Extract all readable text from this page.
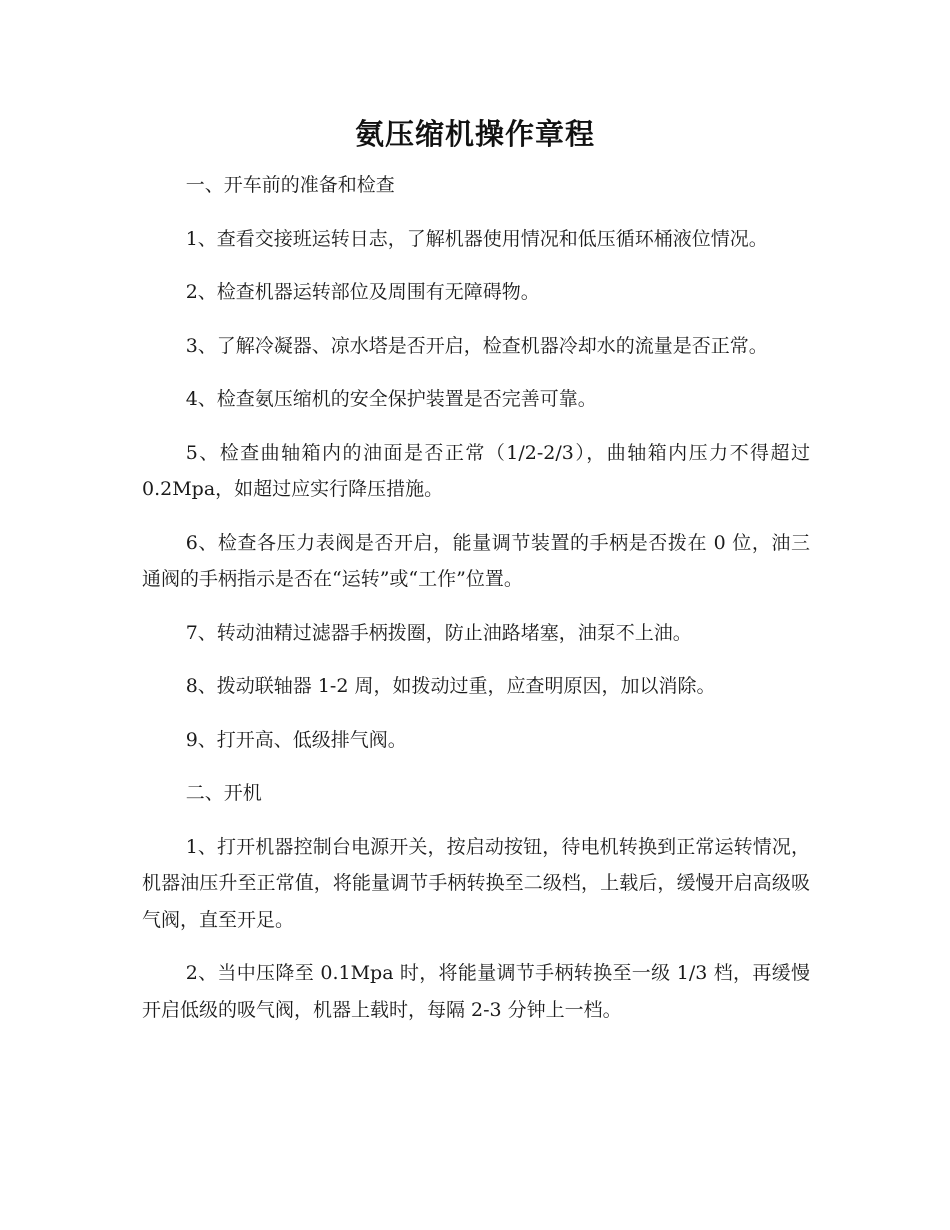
氨压缩机操作章程

一、开车前的准备和检查

1、查看交接班运转日志，了解机器使用情况和低压循环桶液位情况。

2、检查机器运转部位及周围有无障碍物。

3、了解冷凝器、凉水塔是否开启，检查机器冷却水的流量是否正常。

4、检查氨压缩机的安全保护装置是否完善可靠。

5、检查曲轴箱内的油面是否正常（1/2-2/3），曲轴箱内压力不得超过 0.2Mpa，如超过应实行降压措施。

6、检查各压力表阀是否开启，能量调节装置的手柄是否拨在 0 位，油三通阀的手柄指示是否在“运转”或“工作”位置。

7、转动油精过滤器手柄拨圈，防止油路堵塞，油泵不上油。

8、拨动联轴器 1-2 周，如拨动过重，应查明原因，加以消除。

9、打开高、低级排气阀。

二、开机

1、打开机器控制台电源开关，按启动按钮，待电机转换到正常运转情况，机器油压升至正常值，将能量调节手柄转换至二级档，上载后，缓慢开启高级吸气阀，直至开足。

2、当中压降至 0.1Mpa 时，将能量调节手柄转换至一级 1/3 档，再缓慢开启低级的吸气阀，机器上载时，每隔 2-3 分钟上一档。
